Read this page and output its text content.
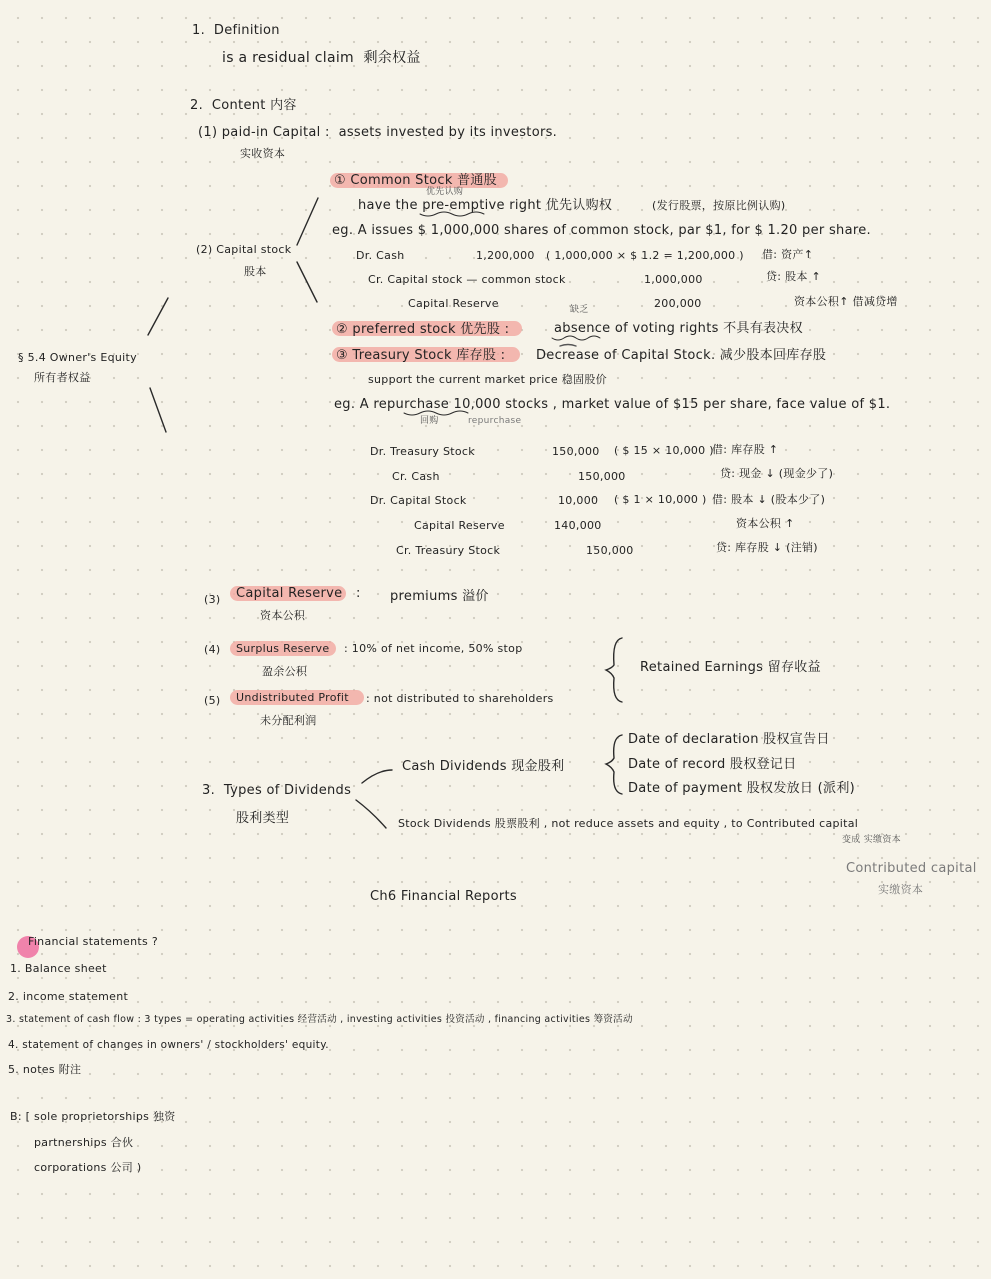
1. Definition
is a residual claim 剩余权益
2. Content 内容
(1) paid-in Capital : assets invested by its investors.
实收资本
(2) Capital stock
股本
§ 5.4 Owner's Equity
所有者权益
① Common Stock 普通股
优先认购
have the pre-emptive right 优先认购权	(发行股票，按原比例认购)
eg. A issues $ 1,000,000 shares of common stock, par $1, for $ 1.20 per share.
Dr. Cash	1,200,000 ( 1,000,000 × $ 1.2 = 1,200,000 ) 借: 资产↑
Cr. Capital stock — common stock	1,000,000	贷: 股本 ↑
Capital Reserve	200,000	资本公积↑ 借减贷增
② preferred stock 优先股 :
缺乏
absence of voting rights 不具有表决权
③ Treasury Stock 库存股 : Decrease of Capital Stock. 减少股本回库存股
support the current market price 稳固股价
eg. A repurchase 10,000 stocks , market value of $15 per share, face value of $1.
回购	repurchase
Dr. Treasury Stock	150,000 ( $ 15 × 10,000 )
借: 库存股 ↑
Cr. Cash	150,000	贷: 现金 ↓ (现金少了)
Dr. Capital Stock	10,000 ( $ 1 × 10,000 ) 借: 股本 ↓ (股本少了)
Capital Reserve	140,000	资本公积 ↑
Cr. Treasury Stock	150,000	贷: 库存股 ↓ (注销)
(3) Capital Reserve : premiums 溢价
资本公积
(4) Surplus Reserve : 10% of net income, 50% stop
盈余公积
(5) Undistributed Profit : not distributed to shareholders
未分配利润
Retained Earnings 留存收益
3. Types of Dividends
股利类型
Cash Dividends 现金股利
Date of declaration 股权宣告日
Date of record 股权登记日
Date of payment 股权发放日 (派利)
Stock Dividends 股票股利 , not reduce assets and equity , to Contributed capital
变成 实缴资本
Contributed capital
实缴资本
Ch6 Financial Reports
Financial statements ?
1. Balance sheet
2. income statement
3. statement of cash flow : 3 types = operating activities 经营活动 , investing activities 投资活动 , financing activities 筹资活动
4. statement of changes in owners' / stockholders' equity.
5. notes 附注
B: [ sole proprietorships 独资
partnerships 合伙
corporations 公司 )
